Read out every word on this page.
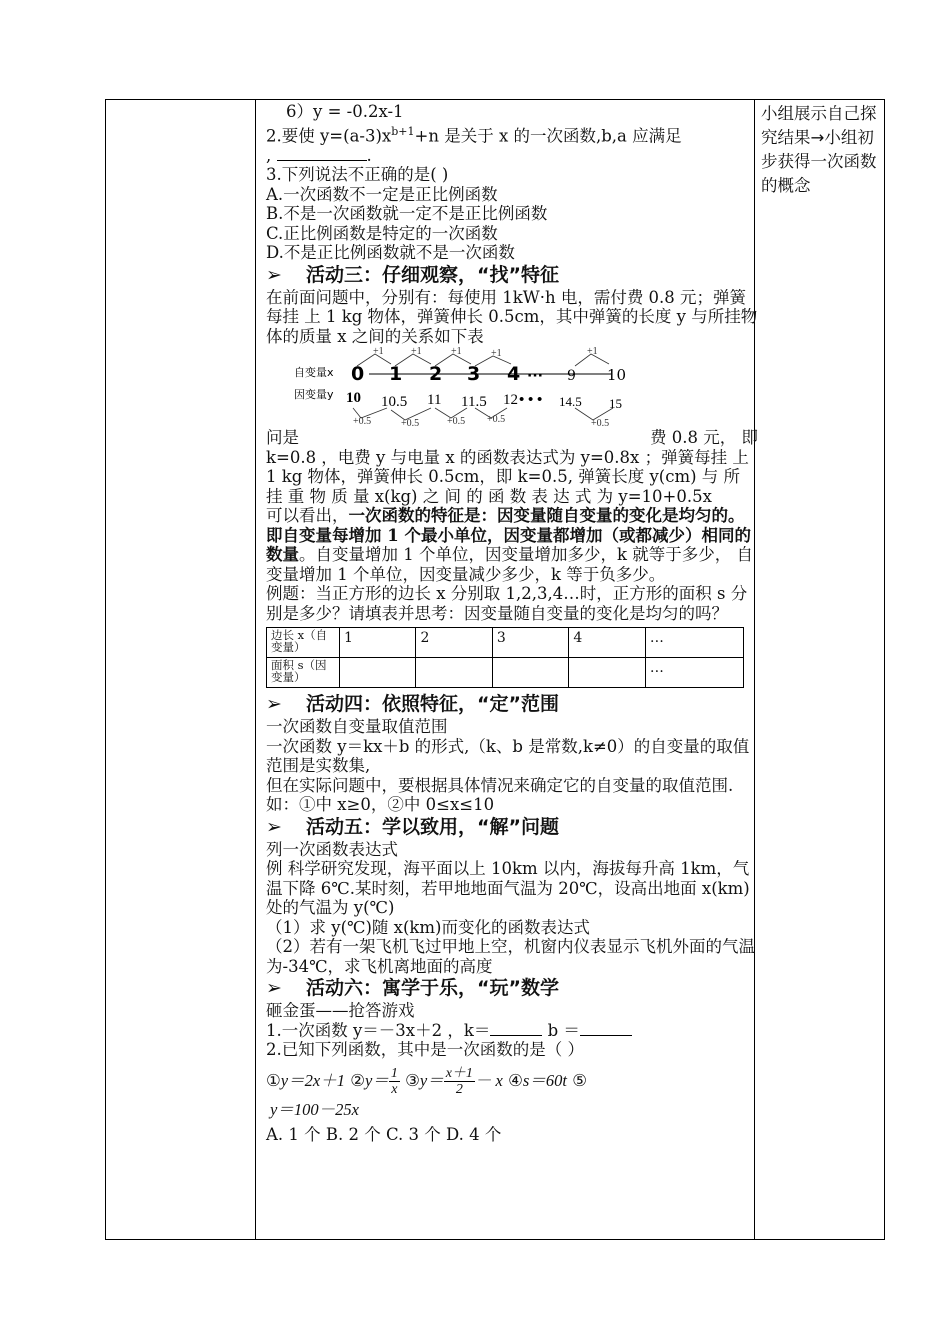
6）y = -0.2x-1

2.要使 $y=(a-3)x^{b+1}+n$ 是关于 x 的一次函数,b,a 应满足

,	.

3.下列说法不正确的是( )

A.一次函数不一定是正比例函数

B.不是一次函数就一定不是正比例函数

C.正比例函数是特定的一次函数

D.不是正比例函数就不是一次函数

➢ 活动三：仔细观察，“找”特征

在前面问题中，分别有：每使用 1kW·h 电，需付费 0.8 元；弹簧每挂 上 1 kg 物体，弹簧伸长 0.5cm，其中弹簧的长度 y 与所挂物体的质量 x 之间的关系如下表

自变量x
因变量y
0 1 2 3 4 ··· 9 10
10 10.5 11 11.5 12 • • • 14.5 15
+1	+1	+1	+1	+1
+0.5	+0.5	+0.5 +0.5	+0.5

问是	费 0.8 元， 即

k=0.8 ，电费 y 与电量 x 的函数表达式为 y=0.8x ；弹簧每挂 上 1 kg 物体，弹簧伸长 0.5cm，即 k=0.5, 弹簧长度 y(cm) 与 所 挂 重 物 质 量 x(kg) 之 间 的 函 数 表 达 式 为 y=10+0.5x

可以看出，一次函数的特征是：因变量随自变量的变化是均匀的。即自变量每增加 1 个最小单位，因变量都增加（或都减少）相同的数量。自变量增加 1 个单位，因变量增加多少，k 就等于多少， 自变量增加 1 个单位，因变量减少多少，k 等于负多少。

例题：当正方形的边长 x 分别取 1,2,3,4…时，正方形的面积 s 分别是多少？请填表并思考：因变量随自变量的变化是均匀的吗？

边长 x（自变量）	1	2	3	4	…
面积 s（因变量）					…

➢ 活动四：依照特征，“定”范围

一次函数自变量取值范围

一次函数 y＝kx＋b 的形式,（k、b 是常数,k≠0）的自变量的取值范围是实数集,

但在实际问题中，要根据具体情况来确定它的自变量的取值范围.

如：①中 x≥0，②中 0≤x≤10

➢ 活动五：学以致用，“解”问题

列一次函数表达式

例 科学研究发现，海平面以上 10km 以内，海拔每升高 1km，气温下降 6℃.某时刻，若甲地地面气温为 20℃，设高出地面 x(km)处的气温为 y(℃)

（1）求 y(℃)随 x(km)而变化的函数表达式

（2）若有一架飞机飞过甲地上空，机窗内仪表显示飞机外面的气温为-34℃，求飞机离地面的高度

➢ 活动六：寓学于乐，“玩”数学

砸金蛋——抢答游戏

1.一次函数 y＝－3x＋2 ，k＝	b ＝

2.已知下列函数，其中是一次函数的是（ ）

①y＝2x＋1 ②y＝ $\frac{1}{x}$ ③y＝ $\frac{x+1}{2} - x$ ④s＝60t ⑤

y＝100－25x

A. 1 个 B. 2 个 C. 3 个 D. 4 个

小组展示自己探究结果→小组初步获得一次函数的概念
